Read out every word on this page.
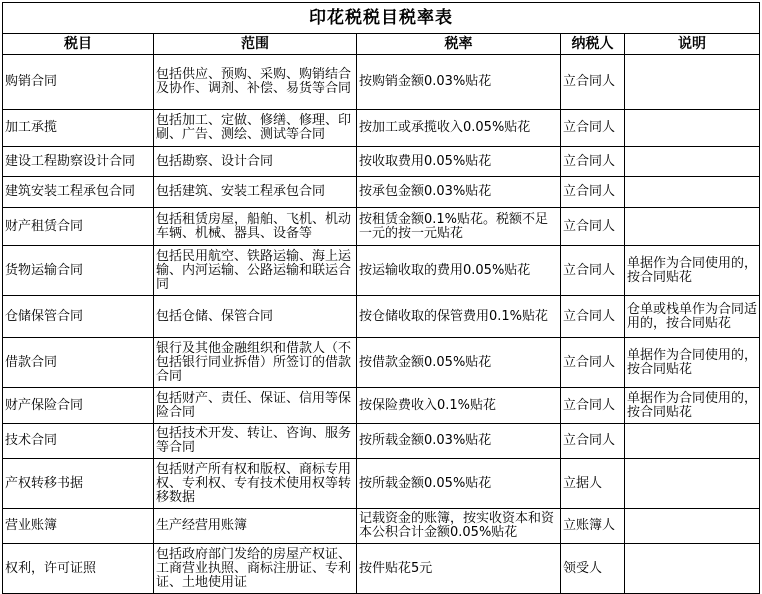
印花税税目税率表				
税目	范围	税率	纳税人	说明
购销合同	包括供应、预购、采购、购销结合及协作、调剂、补偿、易货等合同	按购销金额0.03%贴花	立合同人	
加工承揽	包括加工、定做、修缮、修理、印刷、广告、测绘、测试等合同	按加工或承揽收入0.05%贴花	立合同人	
建设工程勘察设计合同	包括勘察、设计合同	按收取费用0.05%贴花	立合同人	
建筑安装工程承包合同	包括建筑、安装工程承包合同	按承包金额0.03%贴花	立合同人	
财产租赁合同	包括租赁房屋，船舶、飞机、机动车辆、机械、器具、设备等	按租赁金额0.1%贴花。税额不足一元的按一元贴花	立合同人	
货物运输合同	包括民用航空、铁路运输、海上运输、内河运输、公路运输和联运合同	按运输收取的费用0.05%贴花	立合同人	单据作为合同使用的，按合同贴花
仓储保管合同	包括仓储、保管合同	按仓储收取的保管费用0.1%贴花	立合同人	仓单或栈单作为合同适用的，按合同贴花
借款合同	银行及其他金融组织和借款人（不包括银行同业拆借）所签订的借款合同	按借款金额0.05%贴花	立合同人	单据作为合同使用的，按合同贴花
财产保险合同	包括财产、责任、保证、信用等保险合同	按保险费收入0.1%贴花	立合同人	单据作为合同使用的，按合同贴花
技术合同	包括技术开发、转让、咨询、服务等合同	按所载金额0.03%贴花	立合同人	
产权转移书据	包括财产所有权和版权、商标专用权、专利权、专有技术使用权等转移数据	按所载金额0.05%贴花	立据人	
营业账簿	生产经营用账簿	记载资金的账簿，按实收资本和资本公积合计金额0.05%贴花	立账簿人	
权利，许可证照	包括政府部门发给的房屋产权证、工商营业执照、商标注册证、专利证、土地使用证	按件贴花5元	领受人	
